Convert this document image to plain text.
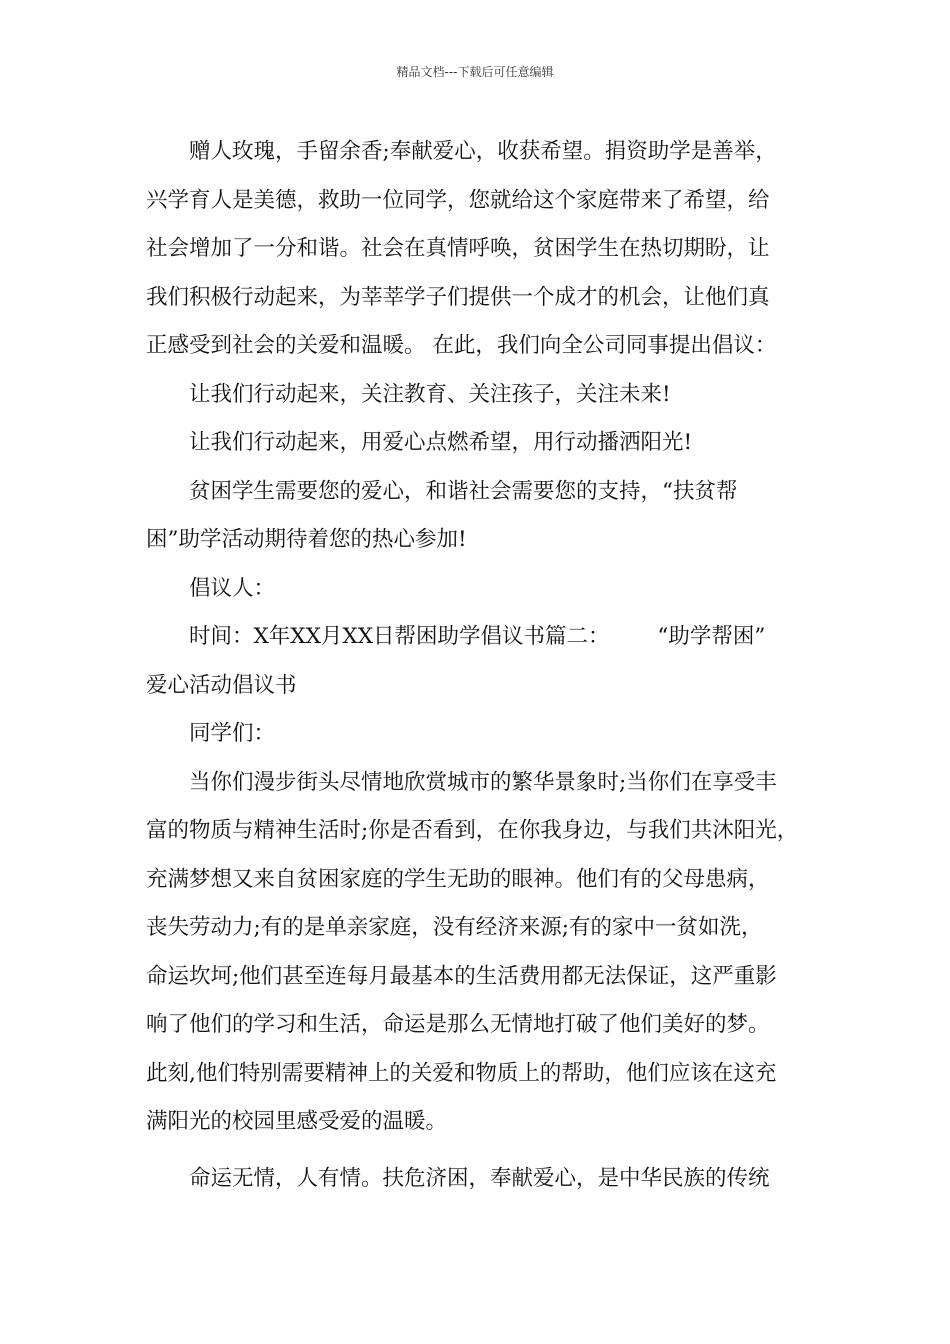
精品文档---下载后可任意编辑
赠人玫瑰，手留余香;奉献爱心，收获希望。捐资助学是善举，
兴学育人是美德，救助一位同学，您就给这个家庭带来了希望，给
社会增加了一分和谐。社会在真情呼唤，贫困学生在热切期盼，让
我们积极行动起来，为莘莘学子们提供一个成才的机会，让他们真
正感受到社会的关爱和温暖。 在此，我们向全公司同事提出倡议：
让我们行动起来，关注教育、关注孩子，关注未来!
让我们行动起来，用爱心点燃希望，用行动播洒阳光!
贫困学生需要您的爱心，和谐社会需要您的支持，“扶贫帮
困”助学活动期待着您的热心参加!
倡议人：
时间：X年XX月XX日帮困助学倡议书篇二：       “助学帮困”
爱心活动倡议书
同学们：
当你们漫步街头尽情地欣赏城市的繁华景象时;当你们在享受丰
富的物质与精神生活时;你是否看到，在你我身边，与我们共沐阳光，
充满梦想又来自贫困家庭的学生无助的眼神。他们有的父母患病，
丧失劳动力;有的是单亲家庭，没有经济来源;有的家中一贫如洗，
命运坎坷;他们甚至连每月最基本的生活费用都无法保证，这严重影
响了他们的学习和生活，命运是那么无情地打破了他们美好的梦。
此刻,他们特别需要精神上的关爱和物质上的帮助，他们应该在这充
满阳光的校园里感受爱的温暖。
命运无情，人有情。扶危济困，奉献爱心，是中华民族的传统
